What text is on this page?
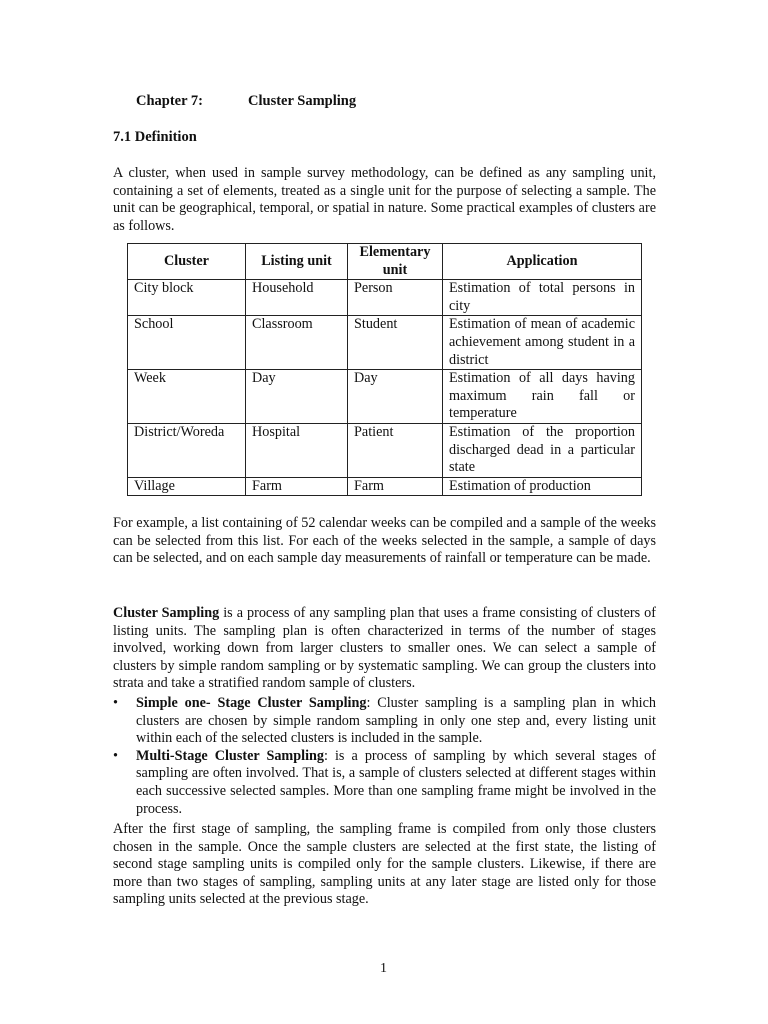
Chapter 7:	Cluster Sampling
7.1 Definition

A cluster, when used in sample survey methodology, can be defined as any sampling unit, containing a set of elements, treated as a single unit for the purpose of selecting a sample. The unit can be geographical, temporal, or spatial in nature. Some practical examples of clusters are as follows.

Cluster	Listing unit	Elementary unit	Application
City block	Household	Person	Estimation of total persons in city
School	Classroom	Student	Estimation of mean of academic achievement among student in a district
Week	Day	Day	Estimation of all days having maximum rain fall or temperature
District/Woreda	Hospital	Patient	Estimation of the proportion discharged dead in a particular state
Village	Farm	Farm	Estimation of production

For example, a list containing of 52 calendar weeks can be compiled and a sample of the weeks can be selected from this list. For each of the weeks selected in the sample, a sample of days can be selected, and on each sample day measurements of rainfall or temperature can be made.

Cluster Sampling is a process of any sampling plan that uses a frame consisting of clusters of listing units. The sampling plan is often characterized in terms of the number of stages involved, working down from larger clusters to smaller ones. We can select a sample of clusters by simple random sampling or by systematic sampling. We can group the clusters into strata and take a stratified random sample of clusters.

• Simple one- Stage Cluster Sampling: Cluster sampling is a sampling plan in which clusters are chosen by simple random sampling in only one step and, every listing unit within each of the selected clusters is included in the sample.
• Multi-Stage Cluster Sampling: is a process of sampling by which several stages of sampling are often involved. That is, a sample of clusters selected at different stages within each successive selected samples. More than one sampling frame might be involved in the process.

After the first stage of sampling, the sampling frame is compiled from only those clusters chosen in the sample. Once the sample clusters are selected at the first state, the listing of second stage sampling units is compiled only for the sample clusters. Likewise, if there are more than two stages of sampling, sampling units at any later stage are listed only for those sampling units selected at the previous stage.

1
